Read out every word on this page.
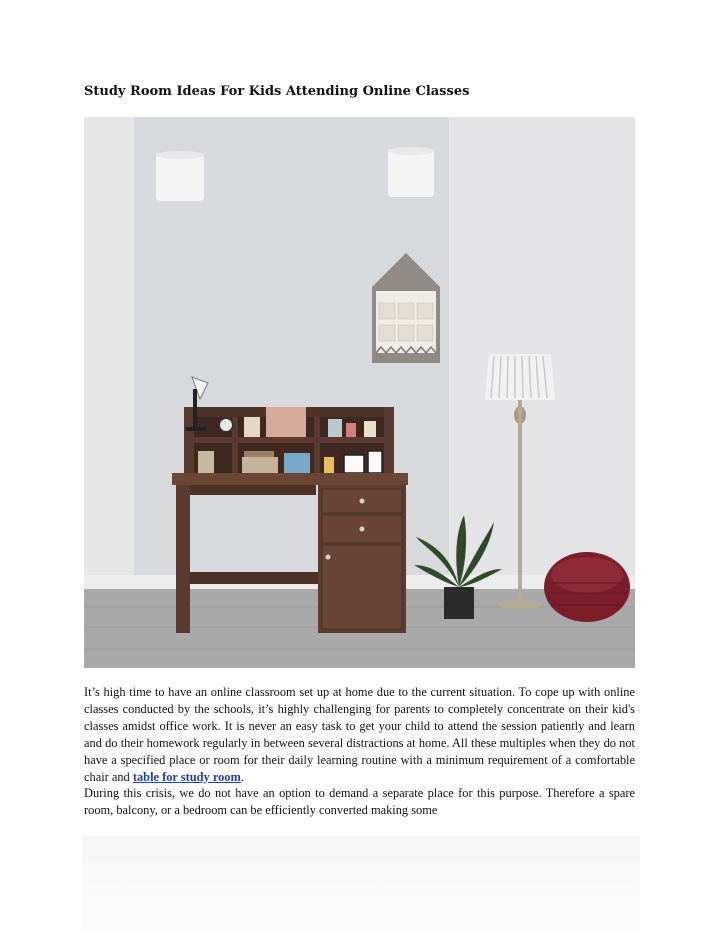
Study Room Ideas For Kids Attending Online Classes

It’s high time to have an online classroom set up at home due to the current situation. To cope up with online classes conducted by the schools, it’s highly challenging for parents to completely concentrate on their kid's classes amidst office work. It is never an easy task to get your child to attend the session patiently and learn and do their homework regularly in between several distractions at home. All these multiples when they do not have a specified place or room for their daily learning routine with a minimum requirement of a comfortable chair and table for study room.

During this crisis, we do not have an option to demand a separate place for this purpose. Therefore a spare room, balcony, or a bedroom can be efficiently converted making some
